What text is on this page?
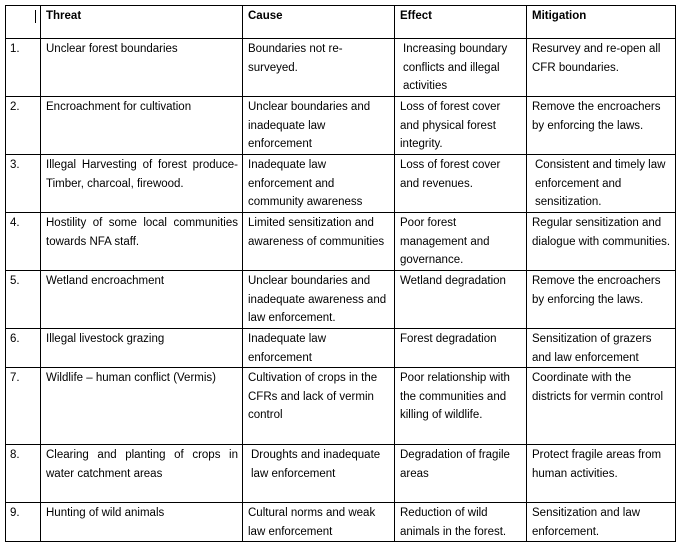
	Threat	Cause	Effect	Mitigation
1.	Unclear forest boundaries	Boundaries not re-surveyed.	Increasing boundary conflicts and illegal activities	Resurvey and re-open all CFR boundaries.
2.	Encroachment for cultivation	Unclear boundaries and inadequate law enforcement	Loss of forest cover and physical forest integrity.	Remove the encroachers by enforcing the laws.
3.	Illegal Harvesting of forest produce- Timber, charcoal, firewood.	Inadequate law enforcement and community awareness	Loss of forest cover and revenues.	Consistent and timely law enforcement and sensitization.
4.	Hostility of some local communities towards NFA staff.	Limited sensitization and awareness of communities	Poor forest management and governance.	Regular sensitization and dialogue with communities.
5.	Wetland encroachment	Unclear boundaries and inadequate awareness and law enforcement.	Wetland degradation	Remove the encroachers by enforcing the laws.
6.	Illegal livestock grazing	Inadequate law enforcement	Forest degradation	Sensitization of grazers and law enforcement
7.	Wildlife – human conflict (Vermis)	Cultivation of crops in the CFRs and lack of vermin control	Poor relationship with the communities and killing of wildlife.	Coordinate with the districts for vermin control
8.	Clearing and planting of crops in water catchment areas	Droughts and inadequate law enforcement	Degradation of fragile areas	Protect fragile areas from human activities.
9.	Hunting of wild animals	Cultural norms and weak law enforcement	Reduction of wild animals in the forest.	Sensitization and law enforcement.
